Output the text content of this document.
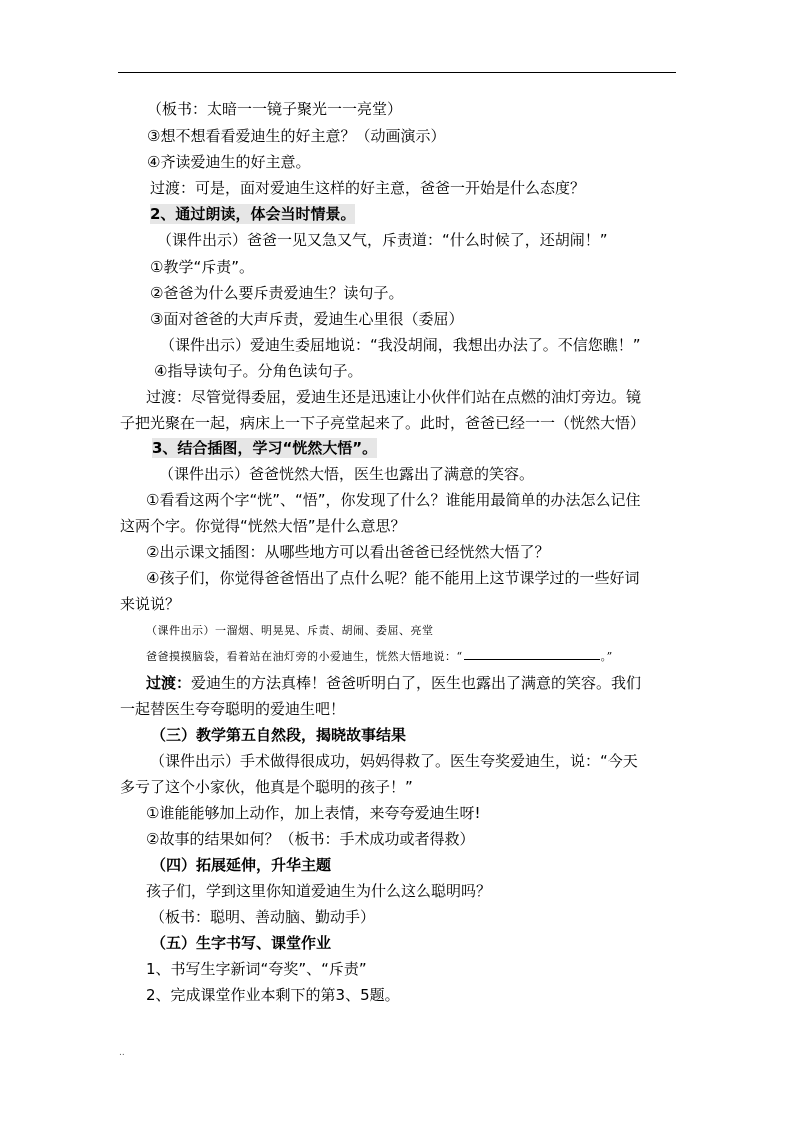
（板书：太暗一一镜子聚光一一亮堂）
③想不想看看爱迪生的好主意？（动画演示）
④齐读爱迪生的好主意。
过渡：可是，面对爱迪生这样的好主意，爸爸一开始是什么态度？
2、通过朗读，体会当时情景。
（课件出示）爸爸一见又急又气，斥责道：“什么时候了，还胡闹！”
①教学“斥责”。
②爸爸为什么要斥责爱迪生？读句子。
③面对爸爸的大声斥责，爱迪生心里很（委屈）
（课件出示）爱迪生委屈地说：“我没胡闹，我想出办法了。不信您瞧！”
④指导读句子。分角色读句子。
过渡：尽管觉得委屈，爱迪生还是迅速让小伙伴们站在点燃的油灯旁边。镜
子把光聚在一起，病床上一下子亮堂起来了。此时，爸爸已经一一（恍然大悟）
3、结合插图，学习“恍然大悟”。
（课件出示）爸爸恍然大悟，医生也露出了满意的笑容。
①看看这两个字“恍”、“悟”，你发现了什么？谁能用最简单的办法怎么记住
这两个字。你觉得“恍然大悟”是什么意思？
②出示课文插图：从哪些地方可以看出爸爸已经恍然大悟了？
④孩子们，你觉得爸爸悟出了点什么呢？能不能用上这节课学过的一些好词
来说说？
（课件出示）一溜烟、明晃晃、斥责、胡闹、委屈、亮堂
爸爸摸摸脑袋，看着站在油灯旁的小爱迪生，恍然大悟地说：“	。”
过渡：爱迪生的方法真棒！爸爸听明白了，医生也露出了满意的笑容。我们
一起替医生夸夸聪明的爱迪生吧！
（三）教学第五自然段，揭晓故事结果
（课件出示）手术做得很成功，妈妈得救了。医生夸奖爱迪生，说：“今天
多亏了这个小家伙，他真是个聪明的孩子！”
①谁能能够加上动作，加上表情，来夸夸爱迪生呀!
②故事的结果如何？（板书：手术成功或者得救）
（四）拓展延伸，升华主题
孩子们，学到这里你知道爱迪生为什么这么聪明吗？
（板书：聪明、善动脑、勤动手）
（五）生字书写、课堂作业
1、书写生字新词“夸奖”、“斥责”
2、完成课堂作业本剩下的第3、5题。
..
